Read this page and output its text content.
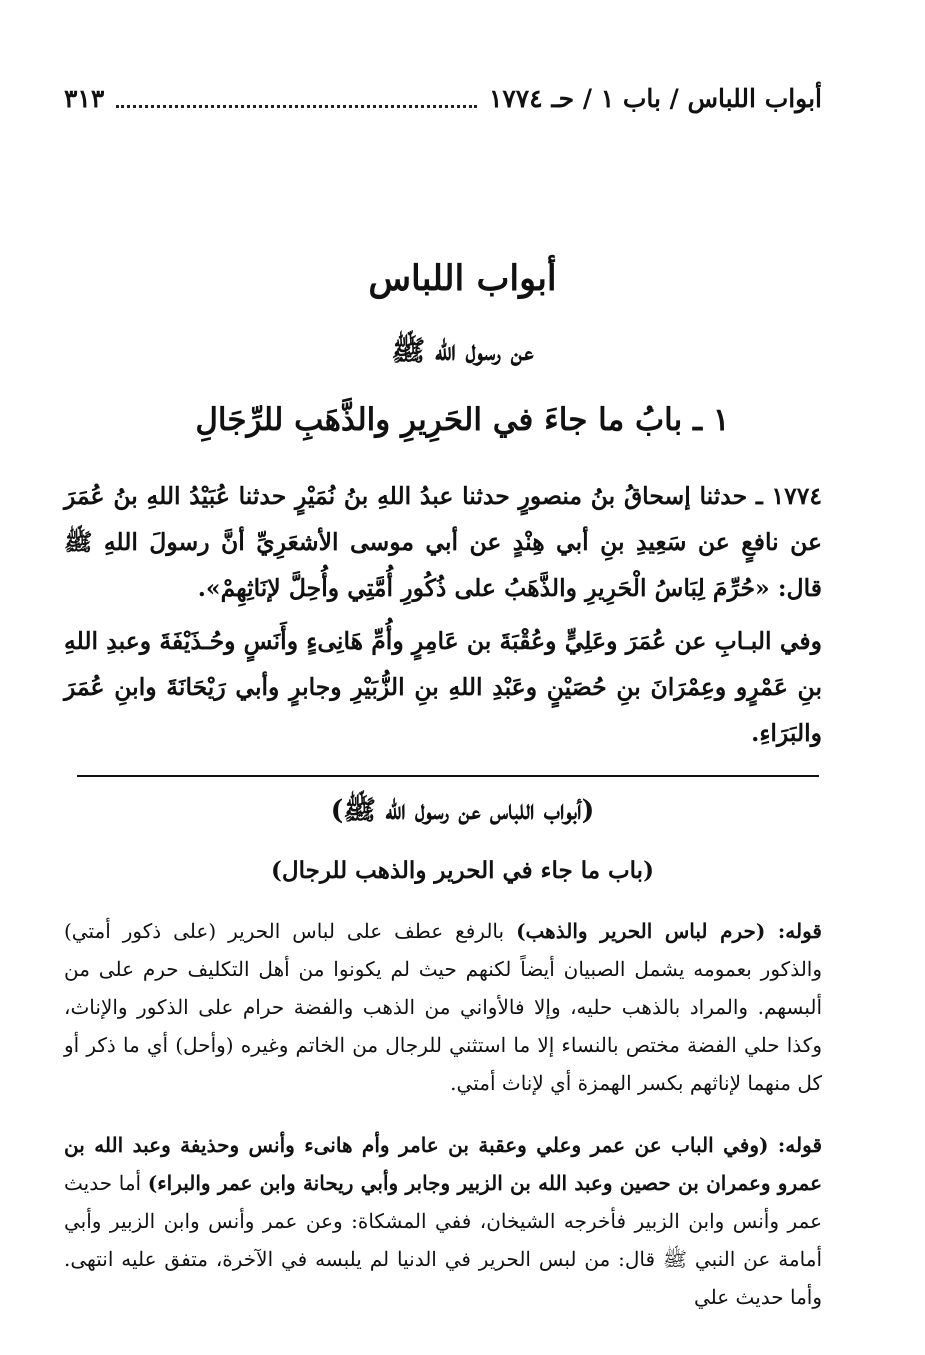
أبواب اللباس / باب ١ / حـ ١٧٧٤
٣١٣
أبواب اللباس
عن رسول الله ﷺ
١ ـ بابُ ما جاءَ في الحَرِيرِ والذَّهَبِ للرِّجَالِ
١٧٧٤ ـ حدثنا إسحاقُ بنُ منصورٍ حدثنا عبدُ اللهِ بنُ نُمَيْرٍ حدثنا عُبَيْدُ اللهِ بنُ عُمَرَ عن نافعٍ عن سَعِيدِ بنِ أبي هِنْدٍ عن أبي موسى الأشعَرِيِّ أنَّ رسولَ اللهِ ﷺ قال: «حُرِّمَ لِبَاسُ الْحَرِيرِ والذَّهَبُ على ذُكُورِ أُمَّتِي وأُحِلَّ لإنَاثِهِمْ».
وفي البـابِ عن عُمَرَ وعَلِيٍّ وعُقْبَةَ بن عَامِرٍ وأُمِّ هَانِىءٍ وأَنَسٍ وحُـذَيْفَةَ وعبدِ اللهِ بنِ عَمْرٍو وعِمْرَانَ بنِ حُصَيْنٍ وعَبْدِ اللهِ بنِ الزُّبَيْرِ وجابرٍ وأبي رَيْحَانَةَ وابنِ عُمَرَ والبَرَاءِ.
(أبواب اللباس عن رسول الله ﷺ)
(باب ما جاء في الحرير والذهب للرجال)
قوله: (حرم لباس الحرير والذهب) بالرفع عطف على لباس الحرير (على ذكور أمتي) والذكور بعمومه يشمل الصبيان أيضاً لكنهم حيث لم يكونوا من أهل التكليف حرم على من ألبسهم. والمراد بالذهب حليه، وإلا فالأواني من الذهب والفضة حرام على الذكور والإناث، وكذا حلي الفضة مختص بالنساء إلا ما استثني للرجال من الخاتم وغيره (وأحل) أي ما ذكر أو كل منهما لإناثهم بكسر الهمزة أي لإناث أمتي.
قوله: (وفي الباب عن عمر وعلي وعقبة بن عامر وأم هانىء وأنس وحذيفة وعبد الله بن عمرو وعمران بن حصين وعبد الله بن الزبير وجابر وأبي ريحانة وابن عمر والبراء) أما حديث عمر وأنس وابن الزبير فأخرجه الشيخان، ففي المشكاة: وعن عمر وأنس وابن الزبير وأبي أمامة عن النبي ﷺ قال: من لبس الحرير في الدنيا لم يلبسه في الآخرة، متفق عليه انتهى. وأما حديث علي
